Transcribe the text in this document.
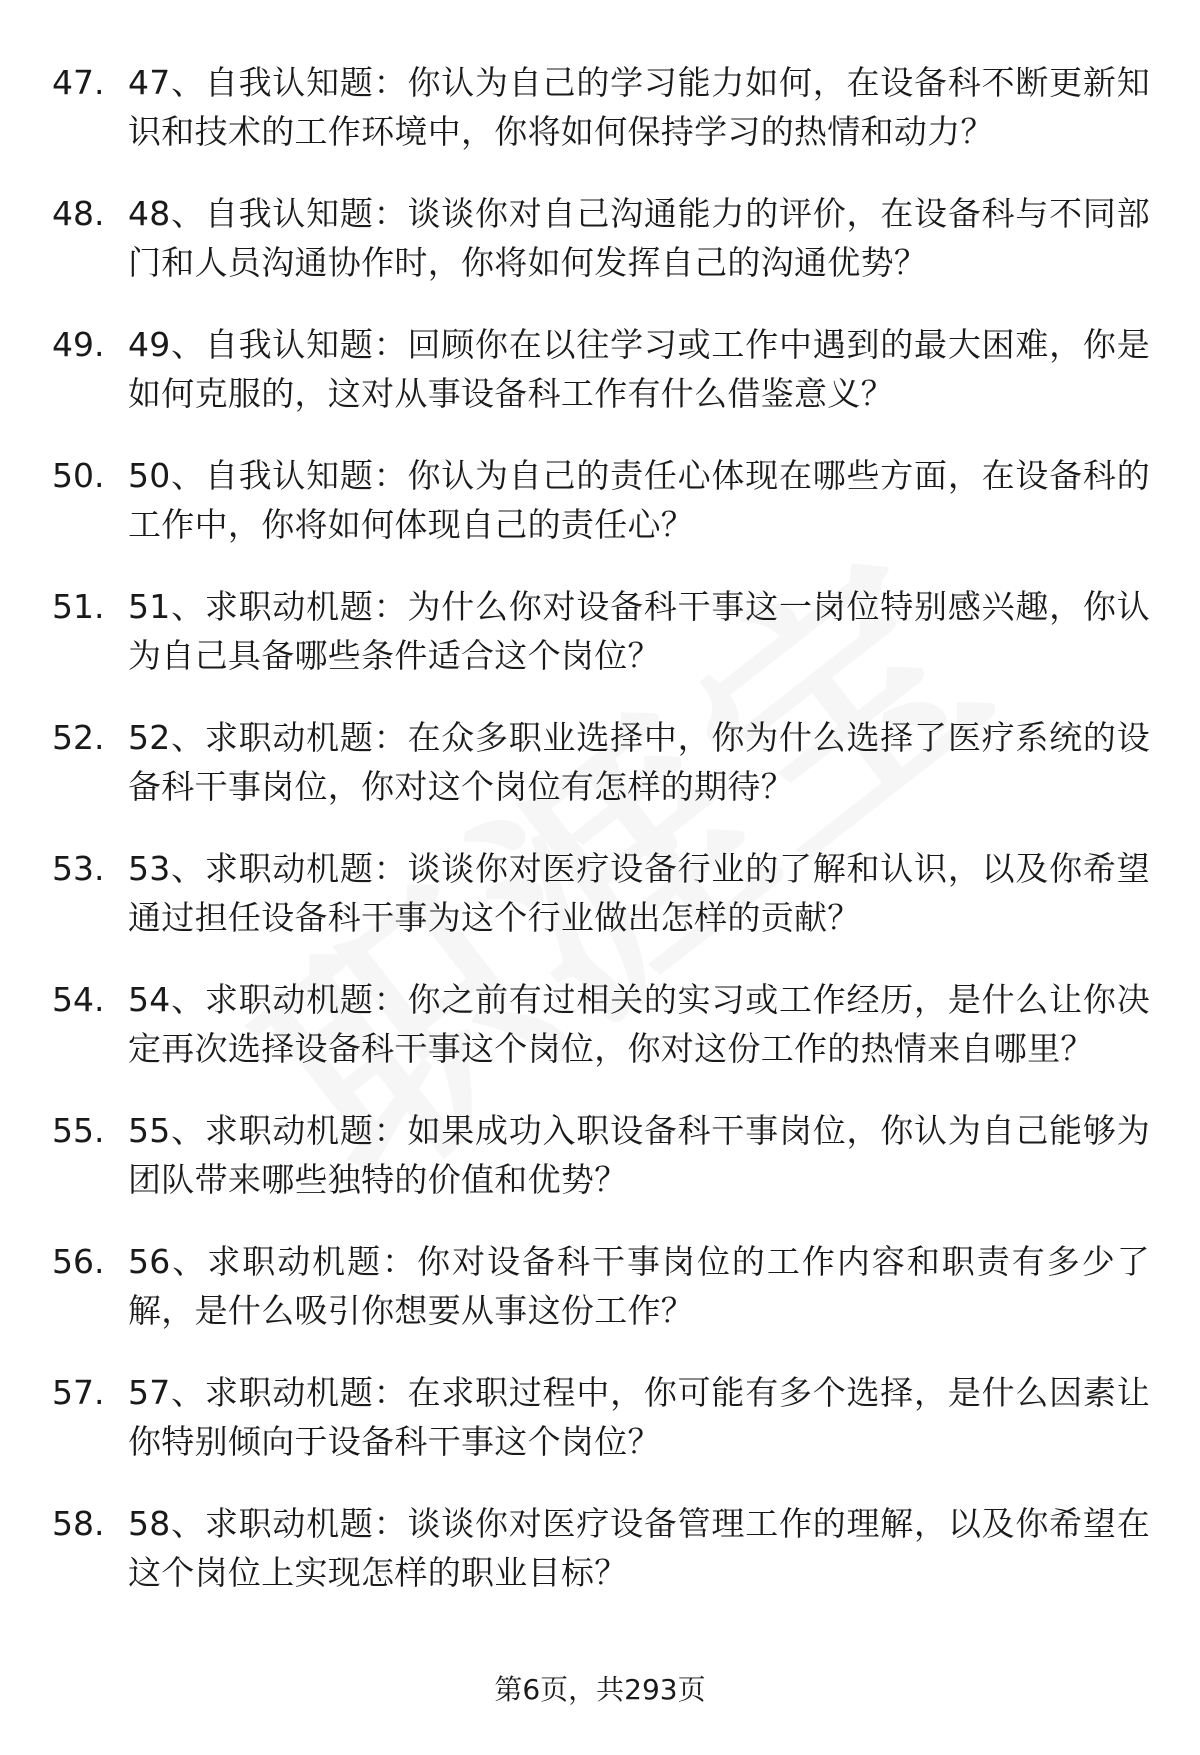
47. 47、自我认知题：你认为自己的学习能力如何，在设备科不断更新知识和技术的工作环境中，你将如何保持学习的热情和动力？
48. 48、自我认知题：谈谈你对自己沟通能力的评价，在设备科与不同部门和人员沟通协作时，你将如何发挥自己的沟通优势？
49. 49、自我认知题：回顾你在以往学习或工作中遇到的最大困难，你是如何克服的，这对从事设备科工作有什么借鉴意义？
50. 50、自我认知题：你认为自己的责任心体现在哪些方面，在设备科的工作中，你将如何体现自己的责任心？
51. 51、求职动机题：为什么你对设备科干事这一岗位特别感兴趣，你认为自己具备哪些条件适合这个岗位？
52. 52、求职动机题：在众多职业选择中，你为什么选择了医疗系统的设备科干事岗位，你对这个岗位有怎样的期待？
53. 53、求职动机题：谈谈你对医疗设备行业的了解和认识，以及你希望通过担任设备科干事为这个行业做出怎样的贡献？
54. 54、求职动机题：你之前有过相关的实习或工作经历，是什么让你决定再次选择设备科干事这个岗位，你对这份工作的热情来自哪里？
55. 55、求职动机题：如果成功入职设备科干事岗位，你认为自己能够为团队带来哪些独特的价值和优势？
56. 56、求职动机题：你对设备科干事岗位的工作内容和职责有多少了解，是什么吸引你想要从事这份工作？
57. 57、求职动机题：在求职过程中，你可能有多个选择，是什么因素让你特别倾向于设备科干事这个岗位？
58. 58、求职动机题：谈谈你对医疗设备管理工作的理解，以及你希望在这个岗位上实现怎样的职业目标？
第6页，共293页
